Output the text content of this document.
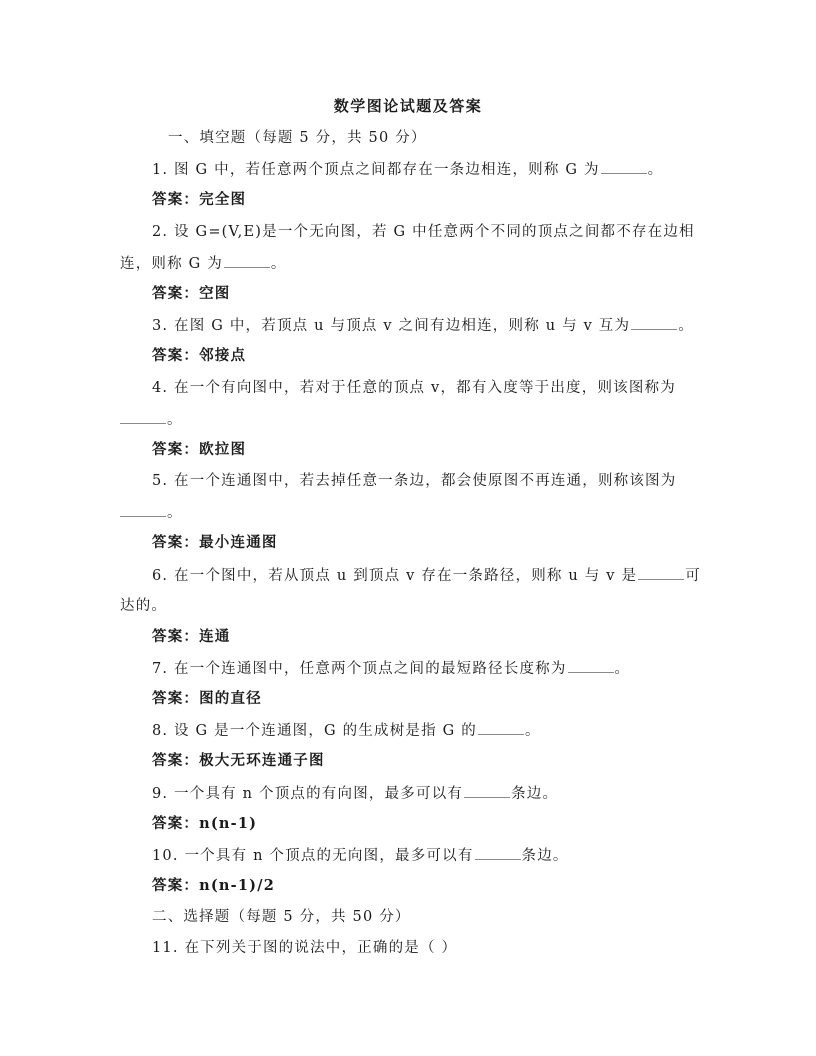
数学图论试题及答案
一、填空题（每题 5 分，共 50 分）
1. 图 G 中，若任意两个顶点之间都存在一条边相连，则称 G 为	。
答案：完全图
2. 设 G=(V,E)是一个无向图，若 G 中任意两个不同的顶点之间都不存在边相
连，则称 G 为	。
答案：空图
3. 在图 G 中，若顶点 u 与顶点 v 之间有边相连，则称 u 与 v 互为	。
答案：邻接点
4. 在一个有向图中，若对于任意的顶点 v，都有入度等于出度，则该图称为
。
答案：欧拉图
5. 在一个连通图中，若去掉任意一条边，都会使原图不再连通，则称该图为
。
答案：最小连通图
6. 在一个图中，若从顶点 u 到顶点 v 存在一条路径，则称 u 与 v 是	可
达的。
答案：连通
7. 在一个连通图中，任意两个顶点之间的最短路径长度称为	。
答案：图的直径
8. 设 G 是一个连通图，G 的生成树是指 G 的	。
答案：极大无环连通子图
9. 一个具有 n 个顶点的有向图，最多可以有	条边。
答案：n(n-1)
10. 一个具有 n 个顶点的无向图，最多可以有	条边。
答案：n(n-1)/2
二、选择题（每题 5 分，共 50 分）
11. 在下列关于图的说法中，正确的是（ ）
